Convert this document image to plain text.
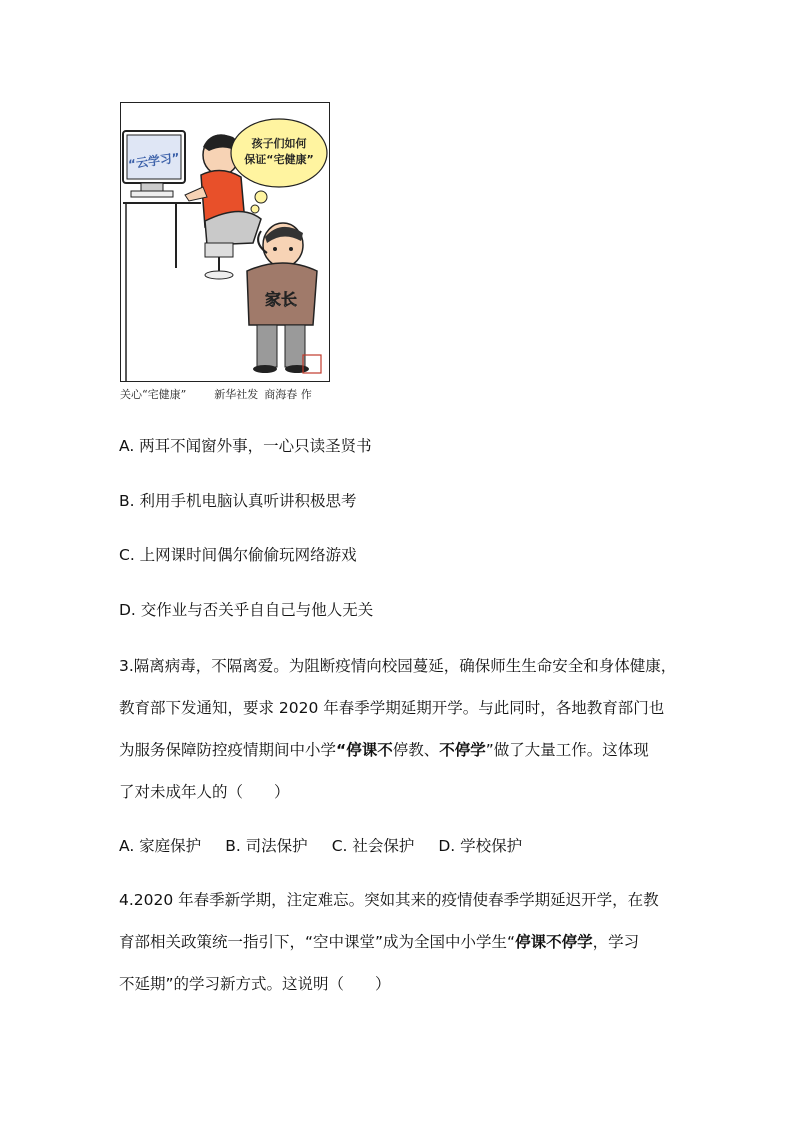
“云学习”
孩子们如何
保证“宅健康”
家长
关心“宅健康”	新华社发 商海春 作
A. 两耳不闻窗外事，一心只读圣贤书
B. 利用手机电脑认真听讲积极思考
C. 上网课时间偶尔偷偷玩网络游戏
D. 交作业与否关乎自自己与他人无关
3.隔离病毒，不隔离爱。为阻断疫情向校园蔓延，确保师生生命安全和身体健康，
教育部下发通知，要求 2020 年春季学期延期开学。与此同时，各地教育部门也
为服务保障防控疫情期间中小学“停课不停教、不停学”做了大量工作。这体现
了对未成年人的（　　）
A. 家庭保护 B. 司法保护 C. 社会保护 D. 学校保护
4.2020 年春季新学期，注定难忘。突如其来的疫情使春季学期延迟开学，在教
育部相关政策统一指引下，“空中课堂”成为全国中小学生“停课不停学，学习
不延期”的学习新方式。这说明（　　）
